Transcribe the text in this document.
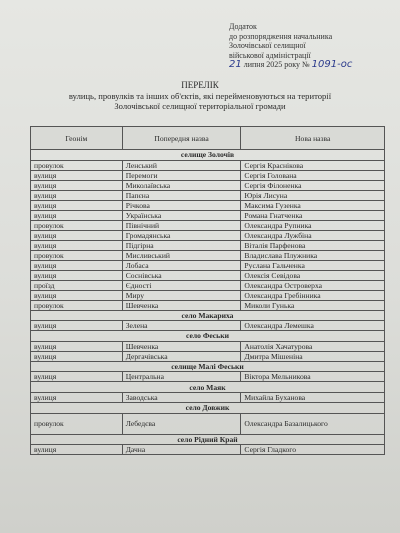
Додаток
до розпорядження начальника
Золочівської селищної
військової адміністрації
21 липня 2025 року № 1091-ос
ПЕРЕЛІК
вулиць, провулків та інших об'єктів, які перейменовуються на території
Золочівської селищної територіальної громади
Геонім	Попередня назва	Нова назва
селище Золочів		
провулок	Ленський	Сергія Краснікова
вулиця	Перемоги	Сергія Голована
вулиця	Миколаївська	Сергія Філоненка
вулиця	Папєна	Юрія Лисуна
вулиця	Річкова	Максима Гузенка
вулиця	Українська	Романа Гнатченка
провулок	Північний	Олександра Рупника
вулиця	Громадянська	Олександра Лужбіна
вулиця	Підгірна	Віталія Парфенова
провулок	Мисливський	Владислава Плужника
вулиця	Лобаса	Руслана Гальченка
вулиця	Соснівська	Олексія Севідова
проїзд	Єдності	Олександра Островерха
вулиця	Миру	Олександра Гребінника
провулок	Шевченка	Миколи Гунька
село Макариха		
вулиця	Зелена	Олександра Лемешка
село Феськи		
вулиця	Шевченка	Анатолія Хачатурова
вулиця	Дергачівська	Дмитра Мішеніна
селище Малі Феськи		
вулиця	Центральна	Віктора Мельникова
село Маяк		
вулиця	Заводська	Михайла Буханова
село Довжик		
провулок	Лебедєва	Олександра Базалицького
село Рідний Край		
вулиця	Дачна	Сергія Гладкого
